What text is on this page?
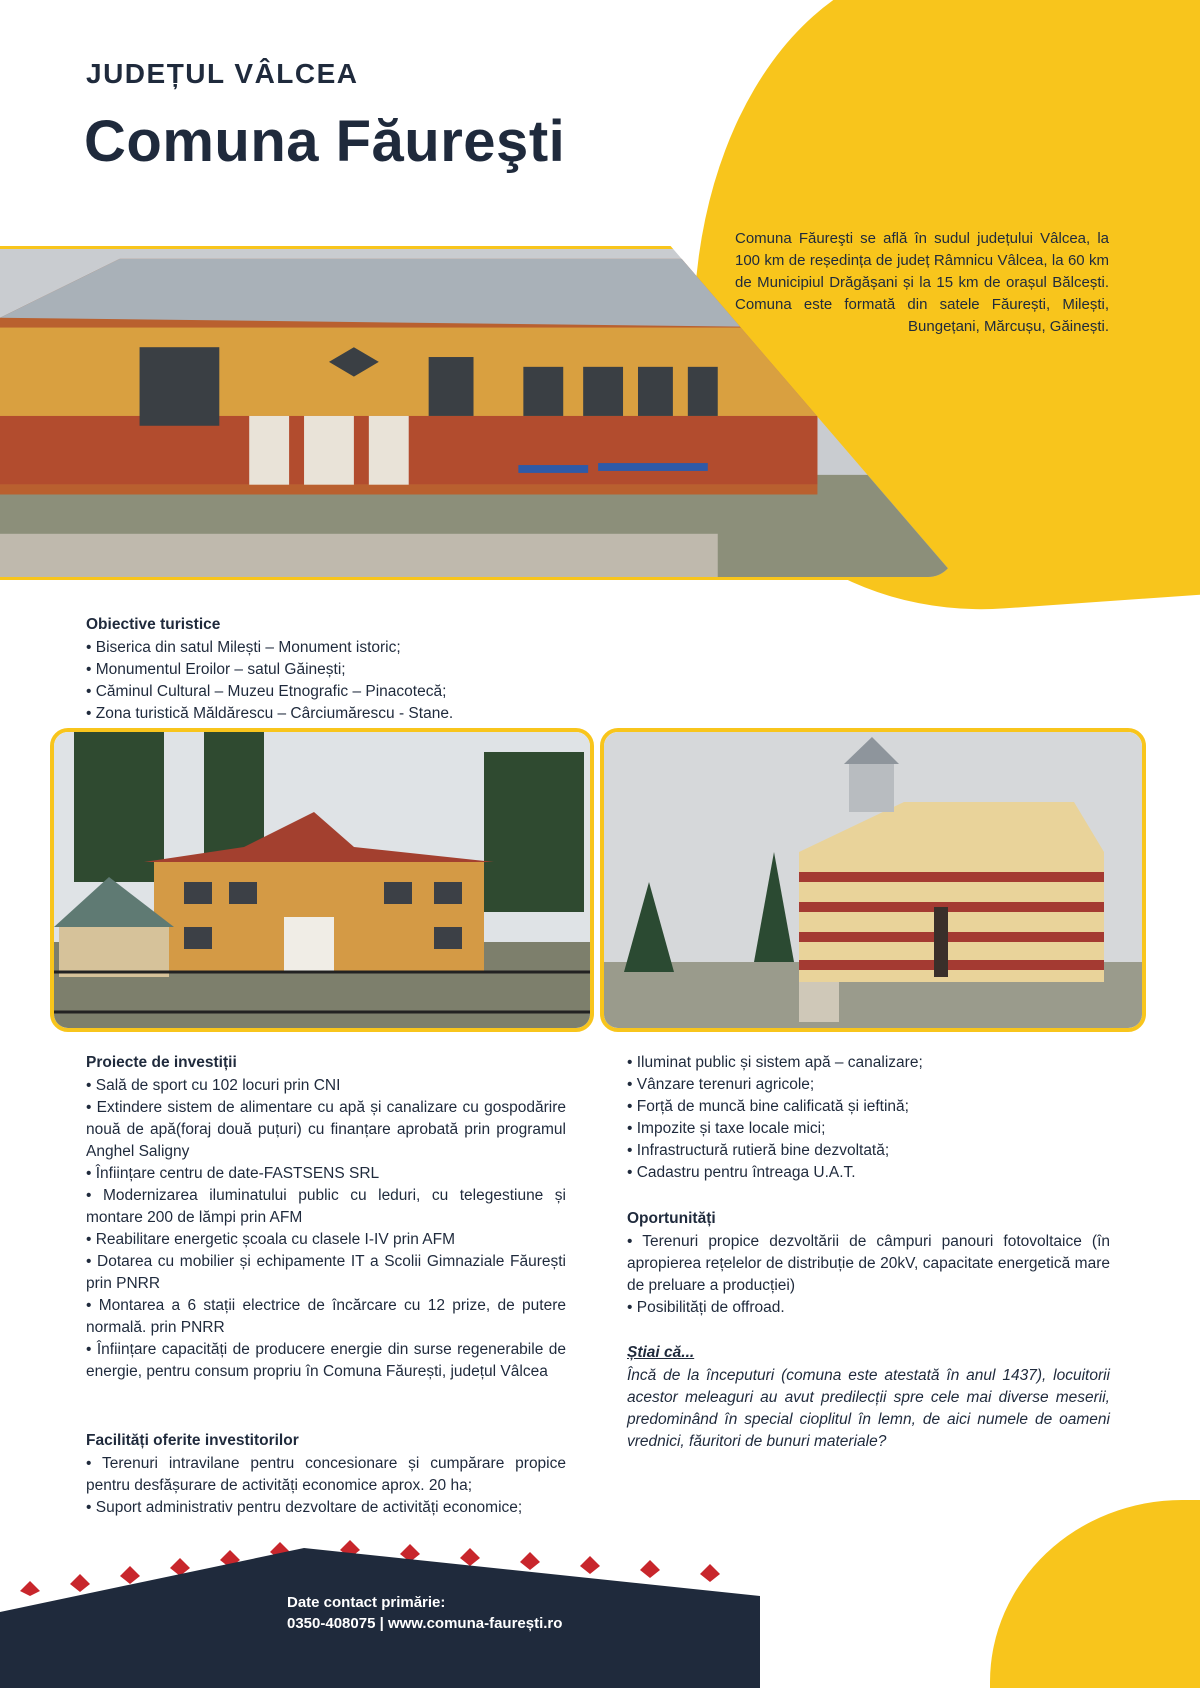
JUDEȚUL VÂLCEA
Comuna Făureşti

Comuna Făureşti se află în sudul județului Vâlcea, la 100 km de reședința de județ Râmnicu Vâlcea, la 60 km de Municipiul Drăgășani și la 15 km de orașul Bălcești. Comuna este formată din satele Făurești, Milești, Bungețani, Mărcușu, Găinești.

Obiective turistice
• Biserica din satul Milești – Monument istoric;
• Monumentul Eroilor – satul Găinești;
• Căminul Cultural – Muzeu Etnografic – Pinacotecă;
• Zona turistică Măldărescu – Cârciumărescu - Stane.
Proiecte de investiții
• Sală de sport cu 102 locuri prin CNI
• Extindere sistem de alimentare cu apă și canalizare cu gospodărire nouă de apă(foraj două puțuri) cu finanțare aprobată prin programul Anghel Saligny
• Înființare centru de date-FASTSENS SRL
• Modernizarea iluminatului public cu leduri, cu telegestiune și montare 200 de lămpi prin AFM
• Reabilitare energetic școala cu clasele I-IV prin AFM
• Dotarea cu mobilier și echipamente IT a Scolii Gimnaziale Făurești prin PNRR
• Montarea a 6 stații electrice de încărcare cu 12 prize, de putere normală. prin PNRR
• Înființare capacități de producere energie din surse regenerabile de energie, pentru consum propriu în Comuna Făurești, județul Vâlcea
Facilități oferite investitorilor
• Terenuri intravilane pentru concesionare și cumpărare propice pentru desfășurare de activități economice aprox. 20 ha;
• Suport administrativ pentru dezvoltare de activități economice;
• Iluminat public și sistem apă – canalizare;
• Vânzare terenuri agricole;
• Forță de muncă bine calificată și ieftină;
• Impozite și taxe locale mici;
• Infrastructură rutieră bine dezvoltată;
• Cadastru pentru întreaga U.A.T.
Oportunități
• Terenuri propice dezvoltării de câmpuri panouri fotovoltaice (în apropierea rețelelor de distribuție de 20kV, capacitate energetică mare de preluare a producției)
• Posibilități de offroad.
Știai că...

Încă de la începuturi (comuna este atestată în anul 1437), locuitorii acestor meleaguri au avut predilecții spre cele mai diverse meserii, predominând în special cioplitul în lemn, de aici numele de oameni vrednici, făuritori de bunuri materiale?

Date contact primărie:
0350-408075 | www.comuna-faurești.ro
